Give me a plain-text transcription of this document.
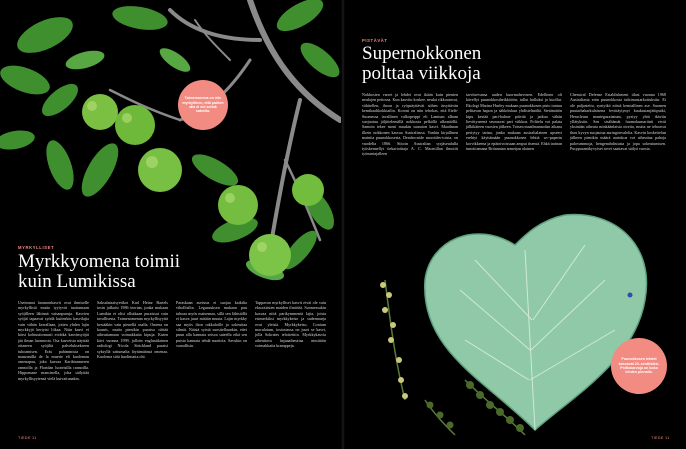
Taimenomena on niin myrkyllinen, että puiden alla ei voi seistä sateella.
MYRKYLLISET
Myrkkyomena toimii
kuin Lumikissa
Useimmat luonnonkasvit ovat ihmiselle myrkyllisiä mutta tyytyvät tuottamaan syöjilleen lähinnä vatsanpuruja. Kasvien syöjät tapaavat syödä kuitenkin kasvilajia vain vähän kerrallaan, jotten yhden lajin myrkkyjä kertyisi liikaa. Näin kasvi ei kärsi kohtuuttomasti eivätkä kasvinsyöjät jää ilman luonnosta. Osa kasveista näyttää ottaneen syöjiltä palveluksekseen tuhoamisen. Eräs pahimmista on manzanilla de la muerte eli kuoleman omenapuu, joka kasvaa Karibianmeren rannoilla ja Floridan luoteisilla rannoilla. Hippomane mancinella, joka säilyttää myrkyllisyytensä vielä kuivattunakin.
Saksalaisaisyetikot Karl Heinz Bartels tosin julkaisi 1986 teorian, jonka mukaan Lumikin ei olisi ollutkaan puraissut vain tavallisesta. Taimenomenan myrkyllisyyttä kestääkin vain pienellä osalla. Omena on kaunis, mutta pienikin puraisu riittää aiheuttamaan voimakkaita kipuja. Kuten kävi vuonna 1999, jolloin englantilainen radiologi Nicola Strickland puraisi syksyllä sattumalta löytämäänsä omenaa. Kuolema siitä huolimatta ohi.
Paraskaan aseistus ei suojaa kaikilta vihollisilta. Legaasuksen mukaan puu tuhoaa myös maisemaa, sillä sen lähistöllä ei kasva juuri mitään muuta. Lajin myrkky saa myös ihon rakkuloille ja sokeuttaa silmät. Näistä syistä suositellaankin, ettei puun alla kannata seisoa sateella eikä sen puista kannata tehdä nuotiota. Savukin on vaarallista.
Tappavan myrkylliset kasvit eivät ole vain eksoottisten maiden ilmiöitä. Suomessakin kasvaa niitä parikymmentä lajia, joista esimerkiksi myrkkykeiso ja sudenmarja ovat yleisiä. Myrkkykeiso, Conium maculatum, tosiasiassa on juuri se kasvi, jolla Sokrates teloitettiin. Myrkkykasvia aiheuttava hajuaaiheuttaa nimittäin voimakkaita kramppeja.
TIEDE 11
PISTÄVÄT
Supernokkonen
polttaa viikkoja
Nokkosten varret ja lehdet ovat ikään kuin pienten neulojen peitossa. Kun kasviin koskee, neulat rikkoutuvat, vähitellen, ihoon ja ryöpsäyttävät siihen ärsyttävän kemikaalikokktailin. Koroni on niin tehokas, että Etelä-Suomessa tavallinen valkopeippi eli Lamium album suojautuu jäljittelemällä nokkosta pelkällä ulkonäöllä. Samoin tekee moni muukin saaraton kasvi. Maailman ilkein nokkonen kasvaa Australiassa. Vanhin kirjallinen mainita puunokkosesta, Dendrocnide moroides-toista, on vuodelta 1866. Siitoin Australian syrjäseudulla työskennellyt tiekartoittaja A. C. Macmillan ilmoitti työnantajalleen
tarvitsevansa uuden kuormahevosen. Edellinen oli kävellyt puunokkostheikkööön, tullut hulluksi ja kuollut. Ekologi Marina Hurley mukaan puunokkosen pisto tuntuu pelttavan hapon ja sähköiskun yhdistelmältä. Sietämätön kipu kestää pari-kolme päivää ja jatkuu vähän lievittyneenä seuraavat pari viikkoa. Polttelu voi palata jälkikäteen vuosien jälkeen. Toisen maailmansodan aikana periytyy tarina, jonka mukaan australialainen upseeri erehtyi käyttämään puunokkosen lehtiä wc-paperin korvikkeena ja epätoivoissaan ampui itsensä. Ehkä tarinan innoittamana Britannian armeijan alainen
Chemical Defense Establishment tilasi vuonna 1968 Australiasta erän puunokkosia tutkimustarkoituksiin. Ei ole paljastettu, syntyikö niistä kemiallinen ase. Suomen puutarhakarkulaisena levittäytynyt kaukasianjättiputki, Heracleum mantegazzianum, pystyy yhtä ikäviin yllätyksiin. Sen sisältämät furanokumariinit eivät yksinään aiheuta minkäänlaisia oireita, mutta ne tehoavat ihon kyvyn suojautua auringonvalolta. Kasvin koskettelun jälkeen pienikin määrä aurinkoa voi aiheuttaa pahoja palovammoja, hengenahdistusta ja jopa sokeutumisen. Purppuranäkyvyiset arvet saattavat säilyä vuosia.
Puunokkosen lehdet kasvavat 20–senttisiksi. Polttokarvoja on koko lehden pinnalla.
TIEDE 11
